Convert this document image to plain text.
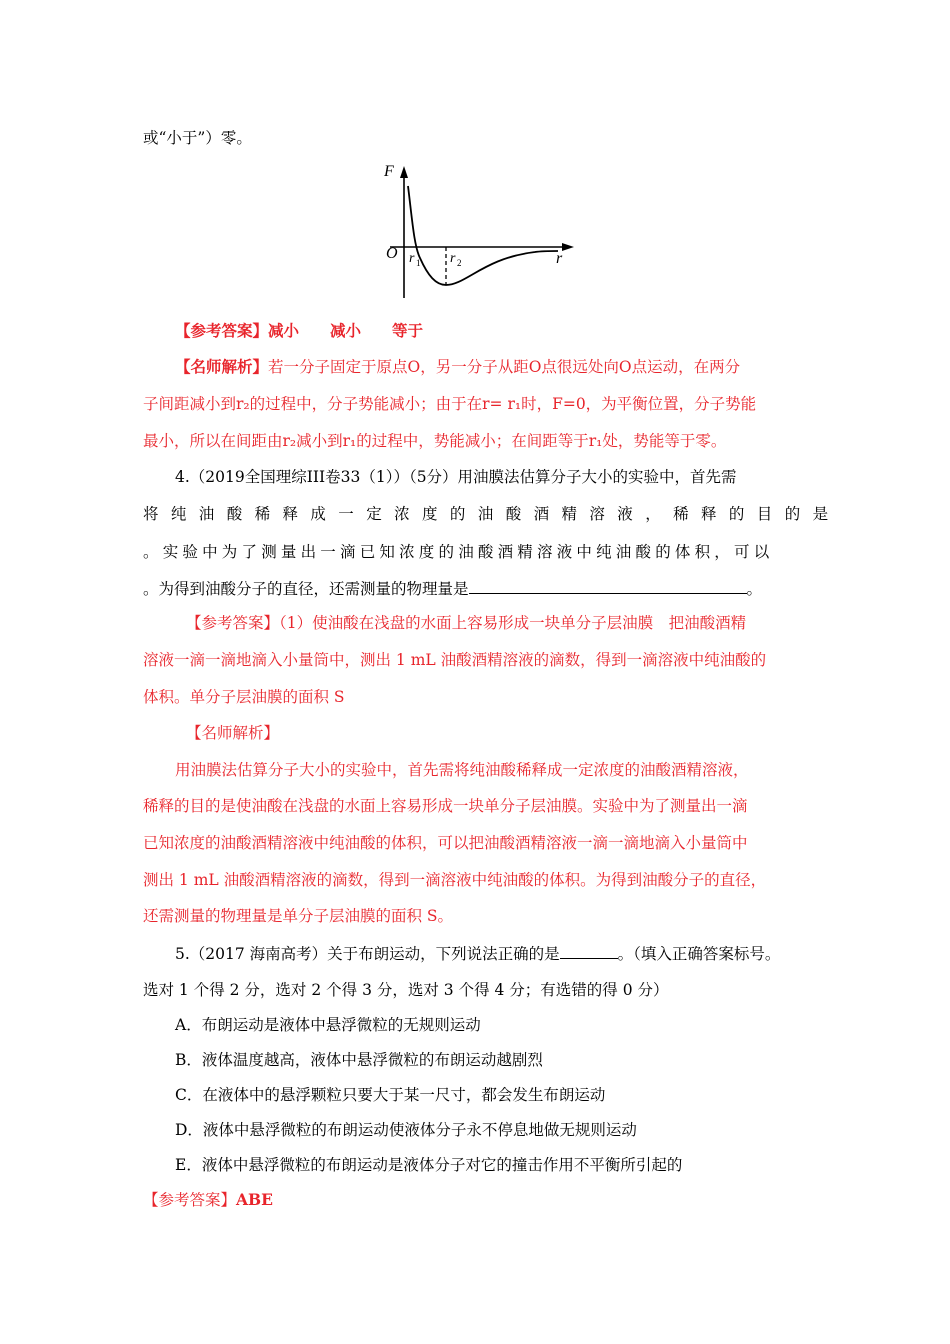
或“小于”）零。
F
O	r
r 1 r 2
【参考答案】减小　　减小　　等于
【名师解析】若一分子固定于原点O，另一分子从距O点很远处向O点运动，在两分
子间距减小到r₂的过程中，分子势能减小；由于在r= r₁时，F=0，为平衡位置，分子势能
最小，所以在间距由r₂减小到r₁的过程中，势能减小；在间距等于r₁处，势能等于零。
4.（2019全国理综III卷33（1））（5分）用油膜法估算分子大小的实验中，首先需
将纯油酸稀释成一定浓度的油酸酒精溶液，稀释的目的是
。实验中为了测量出一滴已知浓度的油酸酒精溶液中纯油酸的体积，可以
。为得到油酸分子的直径，还需测量的物理量是	。
【参考答案】（1）使油酸在浅盘的水面上容易形成一块单分子层油膜　把油酸酒精
溶液一滴一滴地滴入小量筒中，测出 1 mL 油酸酒精溶液的滴数，得到一滴溶液中纯油酸的
体积。单分子层油膜的面积 S
【名师解析】
用油膜法估算分子大小的实验中，首先需将纯油酸稀释成一定浓度的油酸酒精溶液，
稀释的目的是使油酸在浅盘的水面上容易形成一块单分子层油膜。实验中为了测量出一滴
已知浓度的油酸酒精溶液中纯油酸的体积，可以把油酸酒精溶液一滴一滴地滴入小量筒中
测出 1 mL 油酸酒精溶液的滴数，得到一滴溶液中纯油酸的体积。为得到油酸分子的直径，
还需测量的物理量是单分子层油膜的面积 S。
5.（2017 海南高考）关于布朗运动，下列说法正确的是	。（填入正确答案标号。
选对 1 个得 2 分，选对 2 个得 3 分，选对 3 个得 4 分；有选错的得 0 分）
A．布朗运动是液体中悬浮微粒的无规则运动
B．液体温度越高，液体中悬浮微粒的布朗运动越剧烈
C．在液体中的悬浮颗粒只要大于某一尺寸，都会发生布朗运动
D．液体中悬浮微粒的布朗运动使液体分子永不停息地做无规则运动
E．液体中悬浮微粒的布朗运动是液体分子对它的撞击作用不平衡所引起的
【参考答案】ABE
